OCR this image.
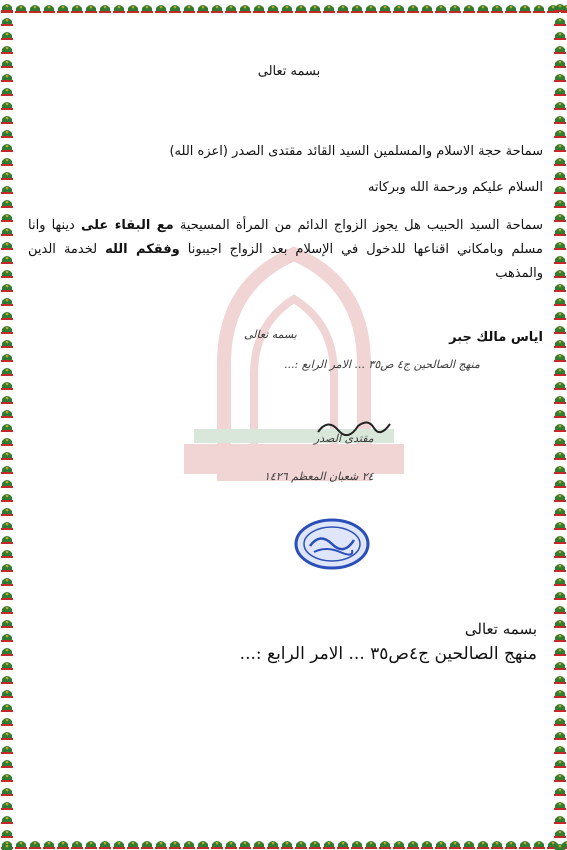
بسمه تعالى
سماحة حجة الاسلام والمسلمين السيد القائد مقتدى الصدر (اعزه الله)
السلام عليكم ورحمة الله وبركاته
سماحة السيد الحبيب هل يجوز الزواج الدائم من المرأة المسيحية مع البقاء على دينها وانا مسلم وبامكاني اقناعها للدخول في الإسلام بعد الزواج اجيبونا وفقكم الله لخدمة الدين والمذهب
اياس مالك جبر
بسمه تعالى
منهج الصالحين ج٤ ص٣٥ ... الامر الرابع :...
مقتدى الصدر
٢٤ شعبان المعظم ١٤٢٦
بسمه تعالى
منهج الصالحين ج٤ص٣٥ ... الامر الرابع :...
